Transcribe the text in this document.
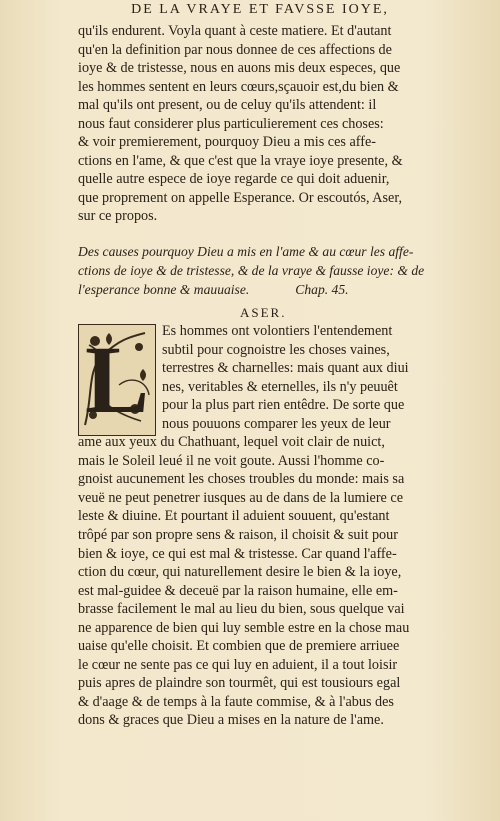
DE LA VRAYE ET FAVSSE IOYE,
qu'ils endurent. Voyla quant à ceste matiere. Et d'autant
qu'en la definition par nous donnee de ces affections de
ioye & de tristesse, nous en auons mis deux especes, que
les hommes sentent en leurs cœurs,sçauoir est,du bien &
mal qu'ils ont present, ou de celuy qu'ils attendent: il
nous faut considerer plus particulierement ces choses:
& voir premierement, pourquoy Dieu a mis ces affe-
ctions en l'ame, & que c'est que la vraye ioye presente, &
quelle autre espece de ioye regarde ce qui doit aduenir,
que proprement on appelle Esperance. Or escoutós, Aser,
sur ce propos.
Des causes pourquoy Dieu a mis en l'ame & au cœur les affe-
ctions de ioye & de tristesse, & de la vraye & fausse ioye: & de
l'esperance bonne & mauuaise.	Chap. 45.
ASER.
L Es hommes ont volontiers l'entendement
subtil pour cognoistre les choses vaines,
terrestres & charnelles: mais quant aux diui
nes, veritables & eternelles, ils n'y peuuêt
pour la plus part rien entêdre. De sorte que
nous pouuons comparer les yeux de leur
ame aux yeux du Chathuant, lequel voit clair de nuict,
mais le Soleil leué il ne voit goute. Aussi l'homme co-
gnoist aucunement les choses troubles du monde: mais sa
veuë ne peut penetrer iusques au de dans de la lumiere ce
leste & diuine. Et pourtant il aduient souuent, qu'estant
trôpé par son propre sens & raison, il choisit & suit pour
bien & ioye, ce qui est mal & tristesse. Car quand l'affe-
ction du cœur, qui naturellement desire le bien & la ioye,
est mal-guidee & deceuë par la raison humaine, elle em-
brasse facilement le mal au lieu du bien, sous quelque vai
ne apparence de bien qui luy semble estre en la chose mau
uaise qu'elle choisit. Et combien que de premiere arriuee
le cœur ne sente pas ce qui luy en aduient, il a tout loisir
puis apres de plaindre son tourmêt, qui est tousiours egal
& d'aage & de temps à la faute commise, & à l'abus des
dons & graces que Dieu a mises en la nature de l'ame.
